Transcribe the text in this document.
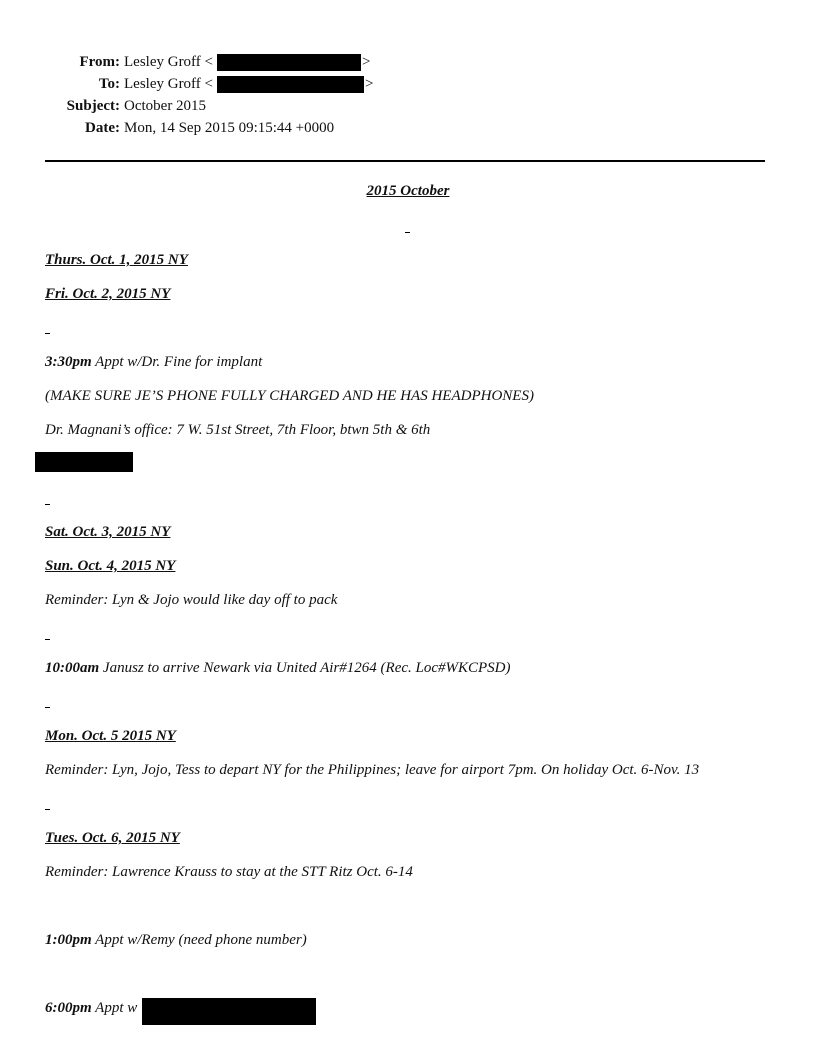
From: Lesley Groff <	>
To: Lesley Groff <	>
Subject: October 2015
Date: Mon, 14 Sep 2015 09:15:44 +0000
2015 October
Thurs. Oct. 1, 2015 NY
Fri. Oct. 2, 2015 NY
3:30pm Appt w/Dr. Fine for implant
(MAKE SURE JE’S PHONE FULLY CHARGED AND HE HAS HEADPHONES)
Dr. Magnani’s office: 7 W. 51st Street, 7th Floor, btwn 5th & 6th
Sat. Oct. 3, 2015 NY
Sun. Oct. 4, 2015 NY
Reminder: Lyn & Jojo would like day off to pack
10:00am Janusz to arrive Newark via United Air#1264 (Rec. Loc#WKCPSD)
Mon. Oct. 5 2015 NY
Reminder: Lyn, Jojo, Tess to depart NY for the Philippines; leave for airport 7pm. On holiday Oct. 6-Nov. 13
Tues. Oct. 6, 2015 NY
Reminder: Lawrence Krauss to stay at the STT Ritz Oct. 6-14
1:00pm Appt w/Remy (need phone number)
6:00pm Appt w
